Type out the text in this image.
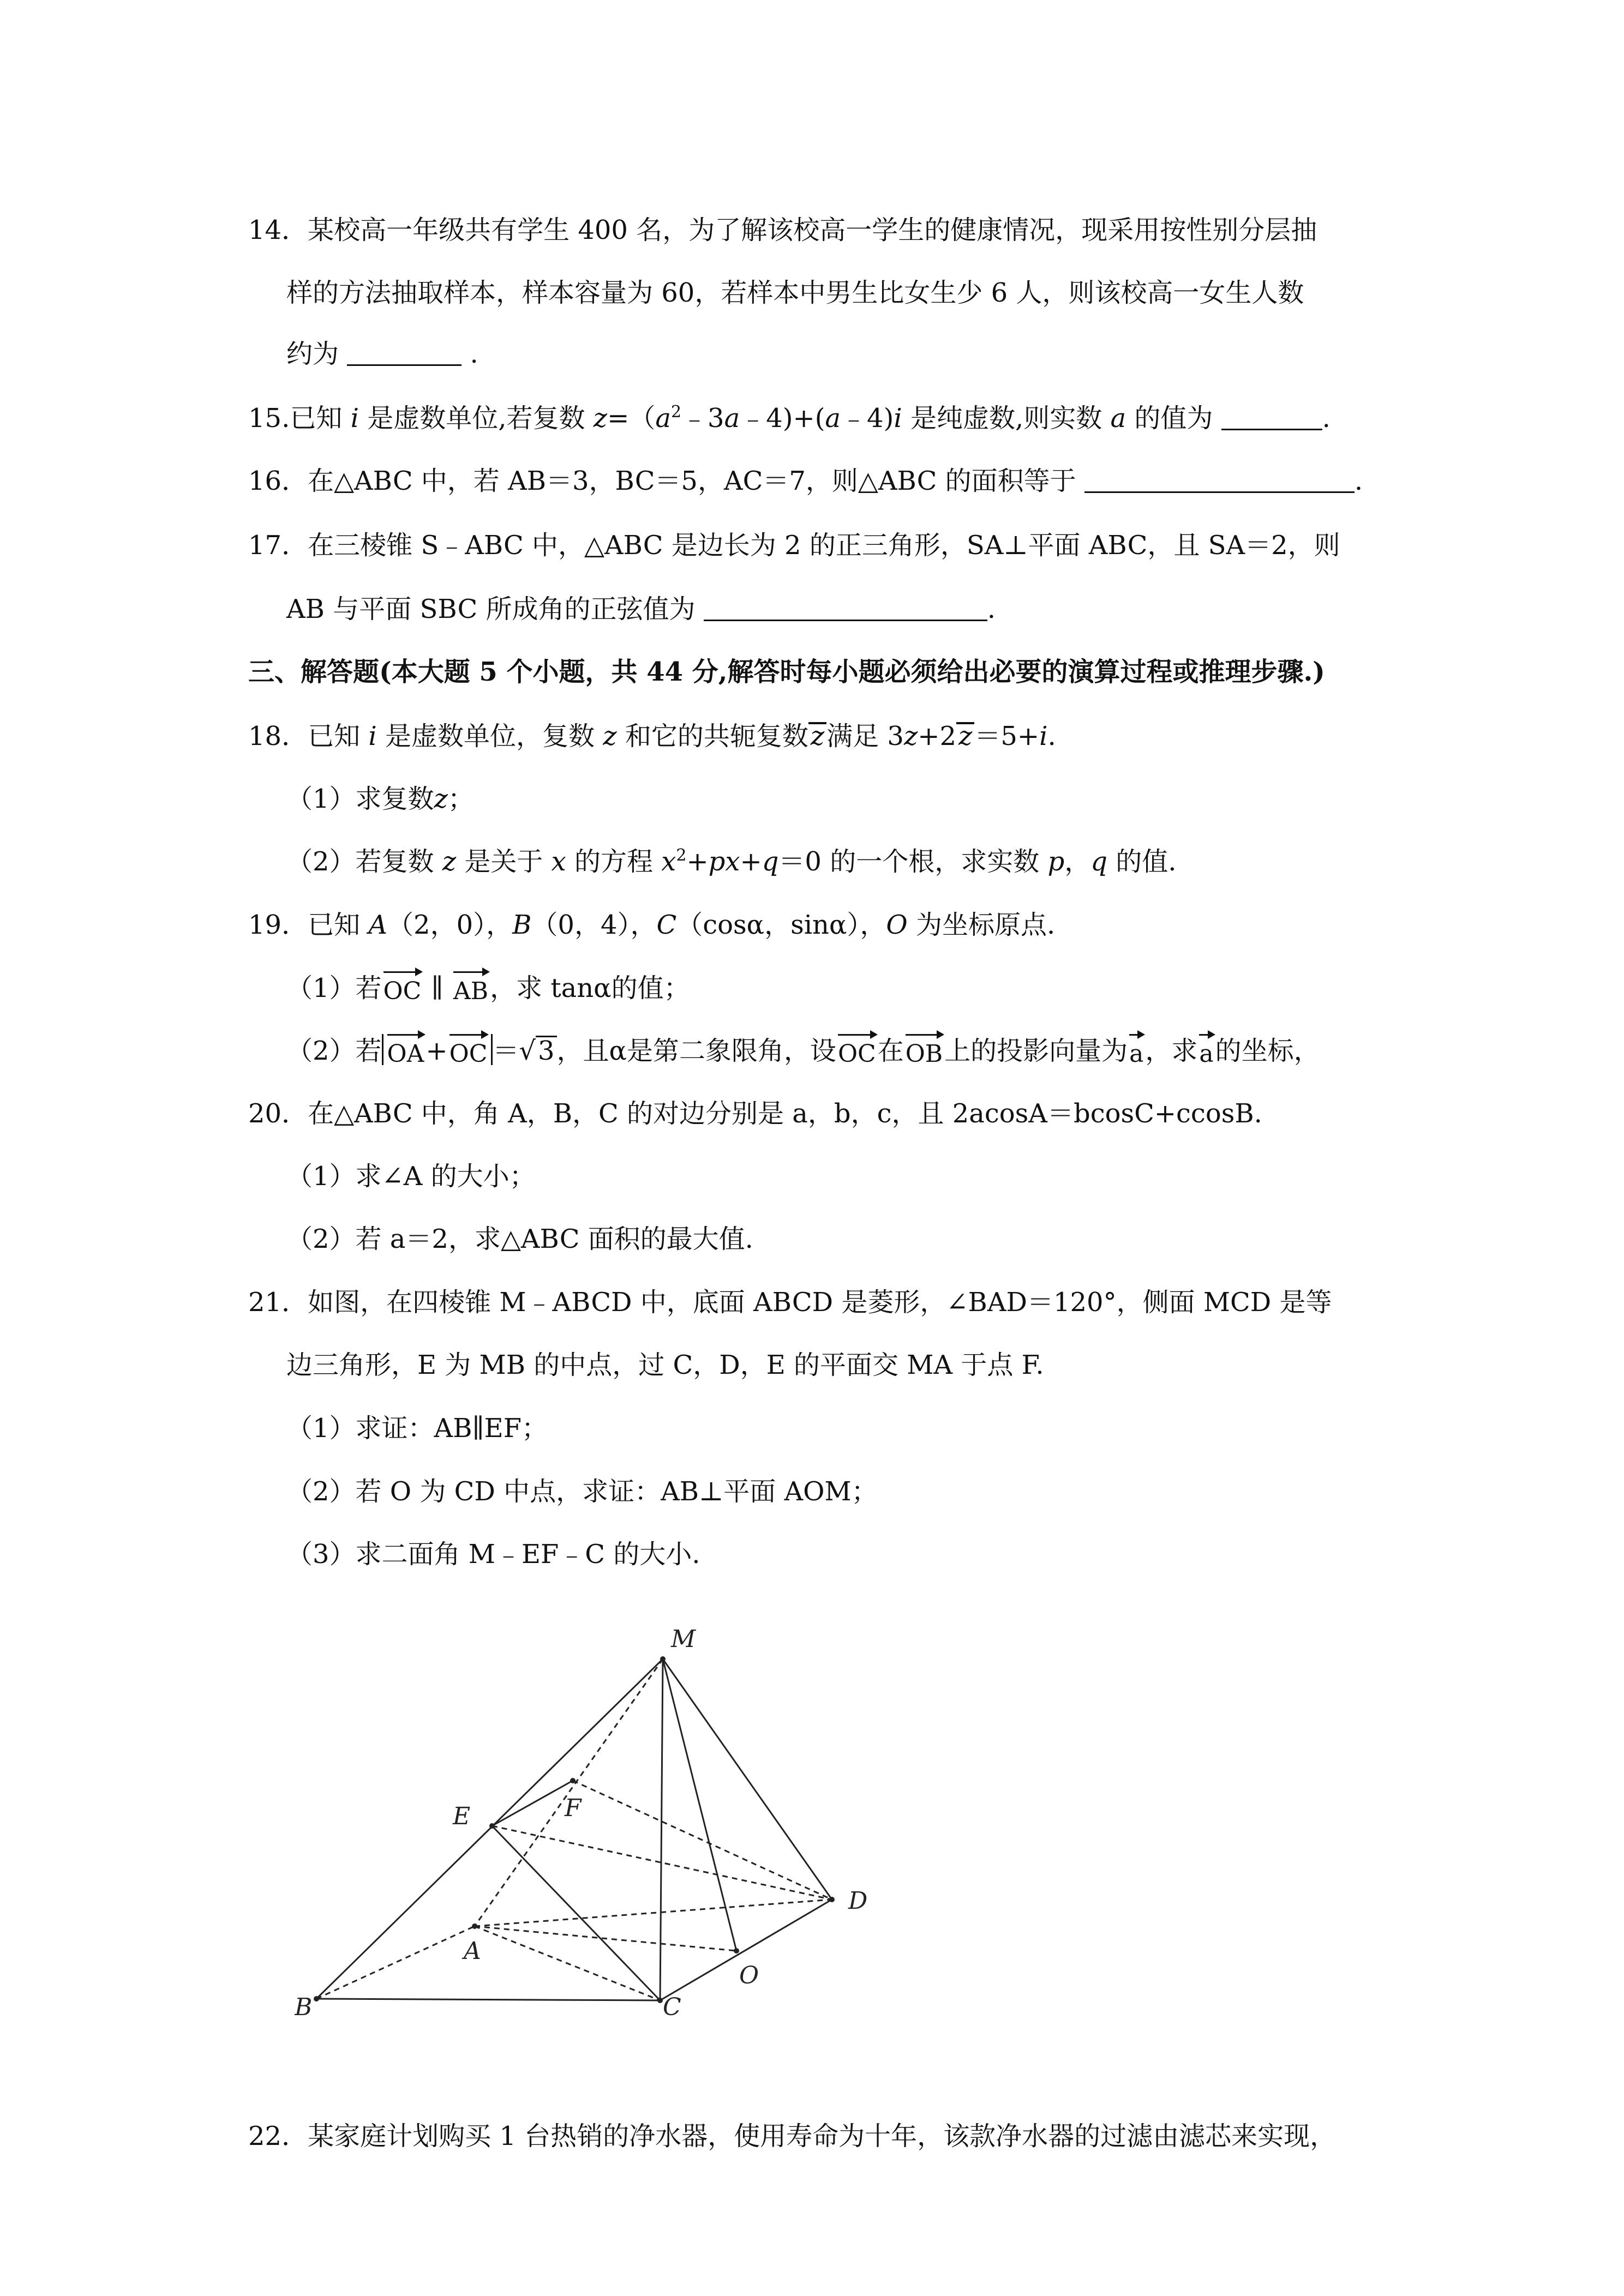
14．某校高一年级共有学生 400 名，为了解该校高一学生的健康情况，现采用按性别分层抽
样的方法抽取样本，样本容量为 60，若样本中男生比女生少 6 人，则该校高一女生人数
约为	.
15.已知 i 是虚数单位,若复数 $z=(a^2﹣3a﹣4)+(a﹣4)i$ 是纯虚数,则实数 a 的值为	.
16．在△ABC 中，若 AB＝3，BC＝5，AC＝7，则△ABC 的面积等于	.
17．在三棱锥 S﹣ABC 中，△ABC 是边长为 2 的正三角形，SA⊥平面 ABC，且 SA＝2，则
AB 与平面 SBC 所成角的正弦值为	.
三、解答题(本大题 5 个小题，共 44 分,解答时每小题必须给出必要的演算过程或推理步骤.)
18．已知 i 是虚数单位，复数 z 和它的共轭复数z满足 3z+2z＝5+i.
（1）求复数z；
（2）若复数 z 是关于 x 的方程 $x^2+px+q=0$ 的一个根，求实数 p，q 的值.
19．已知 A（2，0），B（0，4），C（cosα，sinα），O 为坐标原点.
（1）若OC ∥ AB，求 tanα的值；
（2）若 OA+OC ＝√3，且α是第二象限角，设OC在OB上的投影向量为a，求a的坐标，
20．在△ABC 中，角 A，B，C 的对边分别是 a，b，c，且 2acosA＝bcosC+ccosB.
（1）求∠A 的大小；
（2）若 a＝2，求△ABC 面积的最大值.
21．如图，在四棱锥 M﹣ABCD 中，底面 ABCD 是菱形，∠BAD＝120°，侧面 MCD 是等
边三角形，E 为 MB 的中点，过 C，D，E 的平面交 MA 于点 F.
（1）求证：AB∥EF；
（2）若 O 为 CD 中点，求证：AB⊥平面 AOM；
（3）求二面角 M﹣EF﹣C 的大小.
M
E	F
A
D
O
B	C
22．某家庭计划购买 1 台热销的净水器，使用寿命为十年，该款净水器的过滤由滤芯来实现，
